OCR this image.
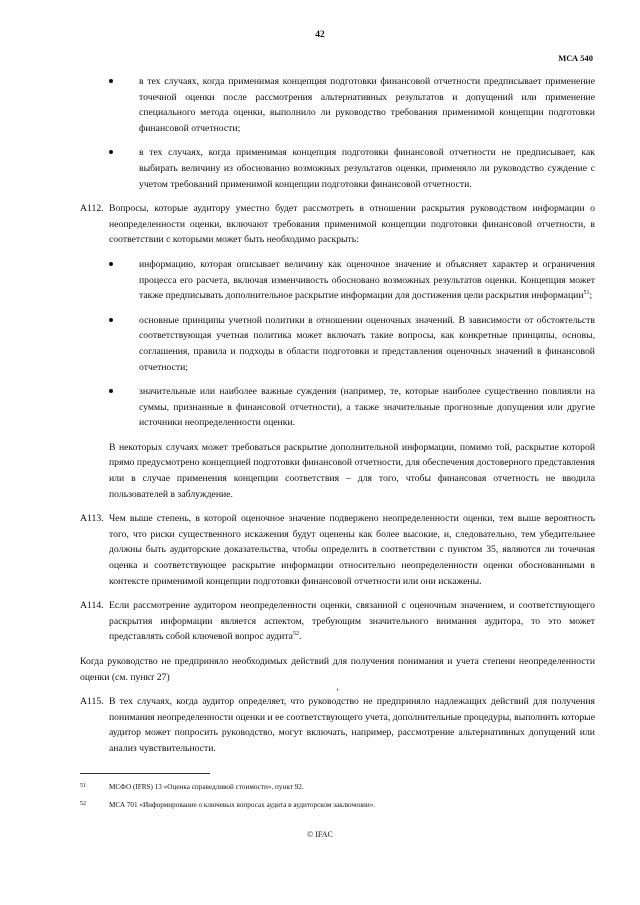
42
МСА 540
в тех случаях, когда применимая концепция подготовки финансовой отчетности предписывает применение точечной оценки после рассмотрения альтернативных результатов и допущений или применение специального метода оценки, выполнило ли руководство требования применимой концепции подготовки финансовой отчетности;
в тех случаях, когда применимая концепция подготовки финансовой отчетности не предписывает, как выбирать величину из обоснованно возможных результатов оценки, применяло ли руководство суждение с учетом требований применимой концепции подготовки финансовой отчетности.
A112. Вопросы, которые аудитору уместно будет рассмотреть в отношении раскрытия руководством информации о неопределенности оценки, включают требования применимой концепции подготовки финансовой отчетности, в соответствии с которыми может быть необходимо раскрыть:
информацию, которая описывает величину как оценочное значение и объясняет характер и ограничения процесса его расчета, включая изменчивость обосновано возможных результатов оценки. Концепция может также предписывать дополнительное раскрытие информации для достижения цели раскрытия информации$^{51}$;
основные принципы учетной политики в отношении оценочных значений. В зависимости от обстоятельств соответствующая учетная политика может включать такие вопросы, как конкретные принципы, основы, соглашения, правила и подходы в области подготовки и представления оценочных значений в финансовой отчетности;
значительные или наиболее важные суждения (например, те, которые наиболее существенно повлияли на суммы, признанные в финансовой отчетности), а также значительные прогнозные допущения или другие источники неопределенности оценки.
В некоторых случаях может требоваться раскрытие дополнительной информации, помимо той, раскрытие которой прямо предусмотрено концепцией подготовки финансовой отчетности, для обеспечения достоверного представления или в случае применения концепции соответствия – для того, чтобы финансовая отчетность не вводила пользователей в заблуждение.
A113. Чем выше степень, в которой оценочное значение подвержено неопределенности оценки, тем выше вероятность того, что риски существенного искажения будут оценены как более высокие, и, следовательно, тем убедительнее должны быть аудиторские доказательства, чтобы определить в соответствии с пунктом 35, являются ли точечная оценка и соответствующее раскрытие информации относительно неопределенности оценки обоснованными в контексте применимой концепции подготовки финансовой отчетности или они искажены.
A114. Если рассмотрение аудитором неопределенности оценки, связанной с оценочным значением, и соответствующего раскрытия информации является аспектом, требующим значительного внимания аудитора, то это может представлять собой ключевой вопрос аудита$^{52}$.
Когда руководство не предприняло необходимых действий для получения понимания и учета степени неопределенности оценки (см. пункт 27)
’
A115. В тех случаях, когда аудитор определяет, что руководство не предприняло надлежащих действий для получения понимания неопределенности оценки и ее соответствующего учета, дополнительные процедуры, выполнить которые аудитор может попросить руководство, могут включать, например, рассмотрение альтернативных допущений или анализ чувствительности.
51	МСФО (IFRS) 13 «Оценка справедливой стоимости», пункт 92.
52	МСА 701 «Информирование о ключевых вопросах аудита в аудиторском заключении».
© IFAC
